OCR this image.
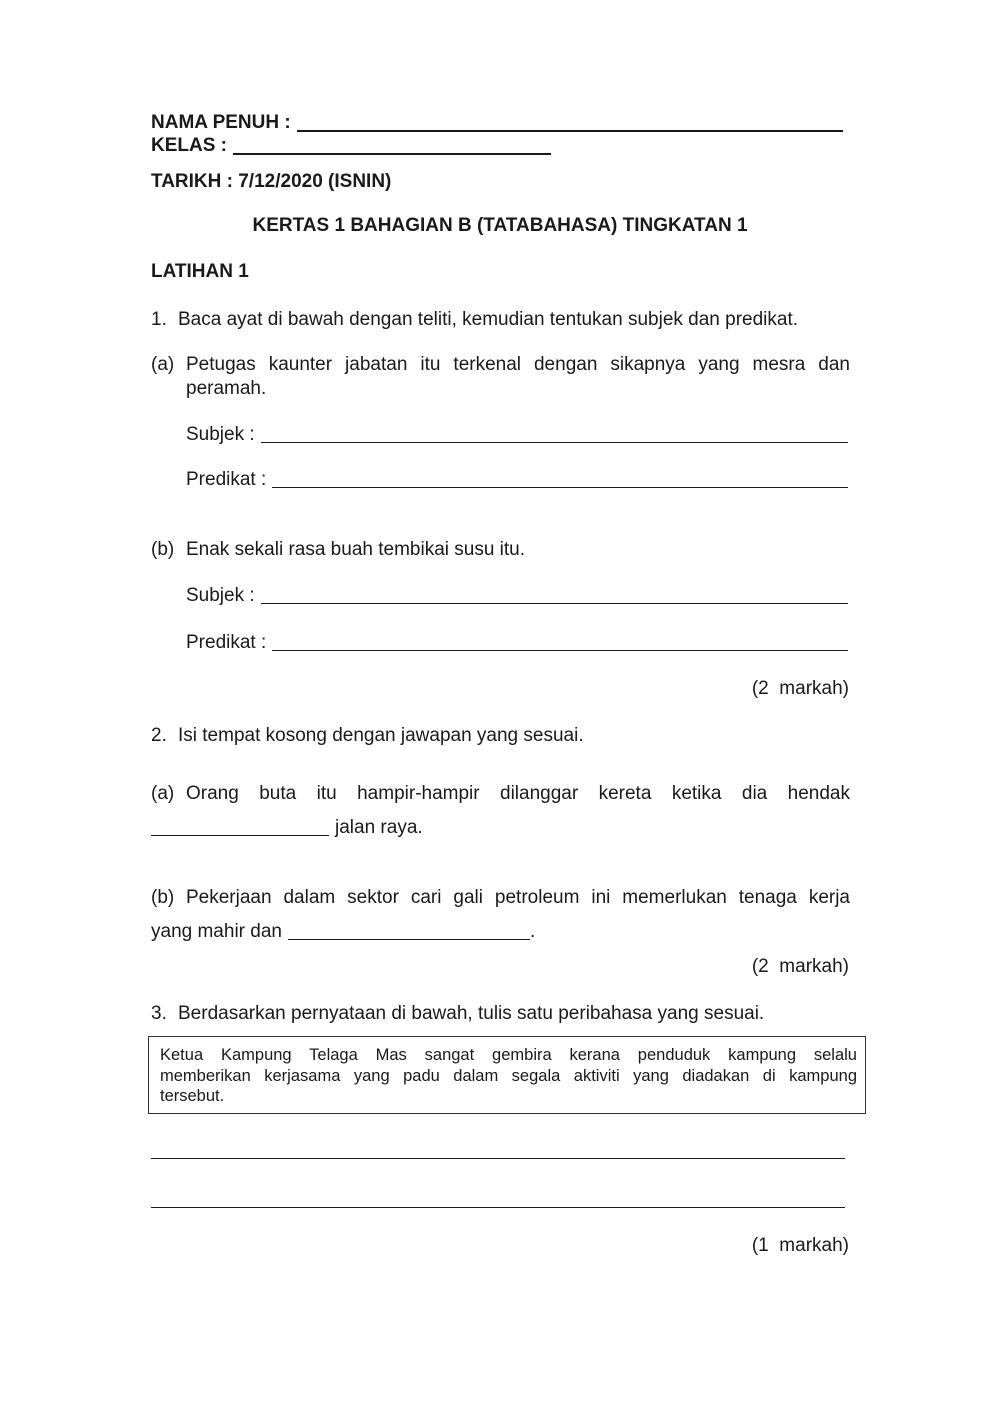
NAMA PENUH :
KELAS :
TARIKH : 7/12/2020 (ISNIN)
KERTAS 1 BAHAGIAN B (TATABAHASA) TINGKATAN 1
LATIHAN 1
1. Baca ayat di bawah dengan teliti, kemudian tentukan subjek dan predikat.
(a) Petugas kaunter jabatan itu terkenal dengan sikapnya yang mesra dan
peramah.
Subjek :
Predikat :
(b) Enak sekali rasa buah tembikai susu itu.
Subjek :
Predikat :
(2  markah)
2. Isi tempat kosong dengan jawapan yang sesuai.
(a) Orang buta itu hampir-hampir dilanggar kereta ketika dia hendak
jalan raya.
(b) Pekerjaan dalam sektor cari gali petroleum ini memerlukan tenaga kerja
yang mahir dan	.
(2  markah)
3. Berdasarkan pernyataan di bawah, tulis satu peribahasa yang sesuai.
Ketua Kampung Telaga Mas sangat gembira kerana penduduk kampung selalu
memberikan kerjasama yang padu dalam segala aktiviti yang diadakan di kampung
tersebut.
(1  markah)
